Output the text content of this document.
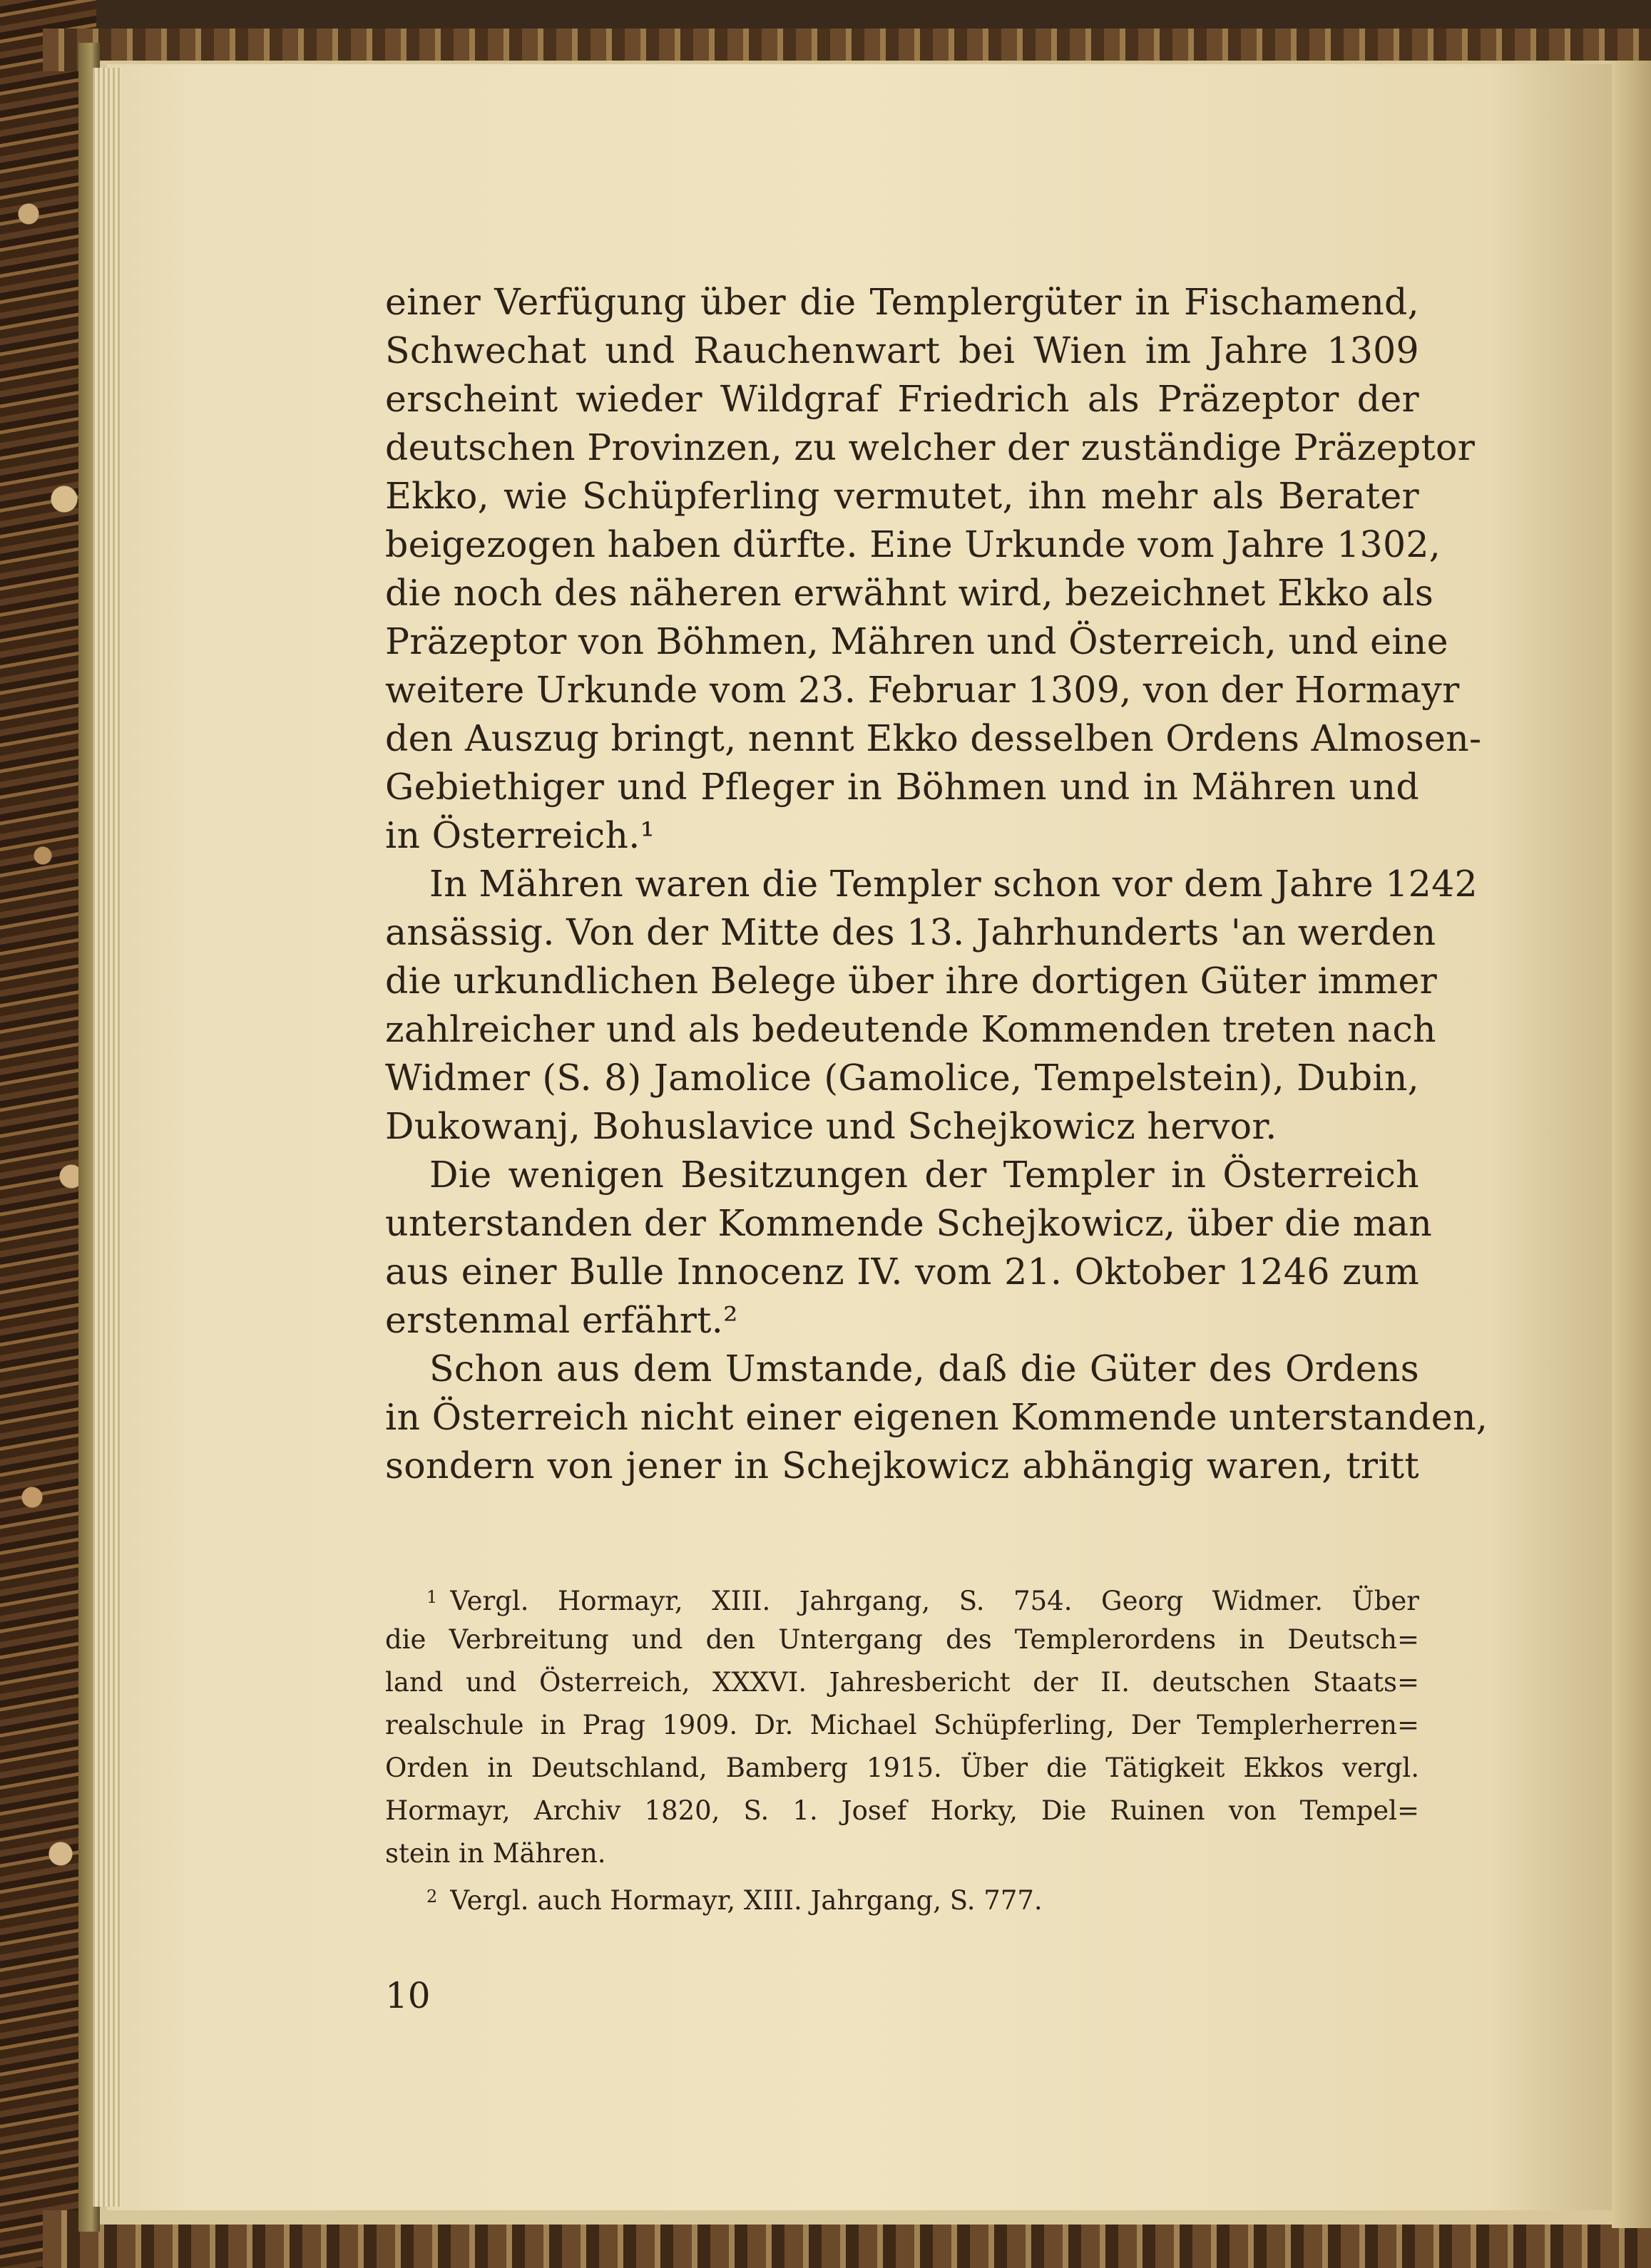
einer Verfügung über die Templergüter in Fischamend,
Schwechat und Rauchenwart bei Wien im Jahre 1309
erscheint wieder Wildgraf Friedrich als Präzeptor der
deutschen Provinzen, zu welcher der zuständige Präzeptor
Ekko, wie Schüpferling vermutet, ihn mehr als Berater
beigezogen haben dürfte. Eine Urkunde vom Jahre 1302,
die noch des näheren erwähnt wird, bezeichnet Ekko als
Präzeptor von Böhmen, Mähren und Österreich, und eine
weitere Urkunde vom 23. Februar 1309, von der Hormayr
den Auszug bringt, nennt Ekko desselben Ordens Almosen-
Gebiethiger und Pfleger in Böhmen und in Mähren und
in Österreich.¹
In Mähren waren die Templer schon vor dem Jahre 1242
ansässig. Von der Mitte des 13. Jahrhunderts 'an werden
die urkundlichen Belege über ihre dortigen Güter immer
zahlreicher und als bedeutende Kommenden treten nach
Widmer (S. 8) Jamolice (Gamolice, Tempelstein), Dubin,
Dukowanj, Bohuslavice und Schejkowicz hervor.
Die wenigen Besitzungen der Templer in Österreich
unterstanden der Kommende Schejkowicz, über die man
aus einer Bulle Innocenz IV. vom 21. Oktober 1246 zum
erstenmal erfährt.²
Schon aus dem Umstande, daß die Güter des Ordens
in Österreich nicht einer eigenen Kommende unterstanden,
sondern von jener in Schejkowicz abhängig waren, tritt
$^1$ Vergl. Hormayr, XIII. Jahrgang, S. 754. Georg Widmer. Über
die Verbreitung und den Untergang des Templerordens in Deutsch=
land und Österreich, XXXVI. Jahresbericht der II. deutschen Staats=
realschule in Prag 1909. Dr. Michael Schüpferling, Der Templerherren=
Orden in Deutschland, Bamberg 1915. Über die Tätigkeit Ekkos vergl.
Hormayr, Archiv 1820, S. 1. Josef Horky, Die Ruinen von Tempel=
stein in Mähren.
$^2$ Vergl. auch Hormayr, XIII. Jahrgang, S. 777.
10
